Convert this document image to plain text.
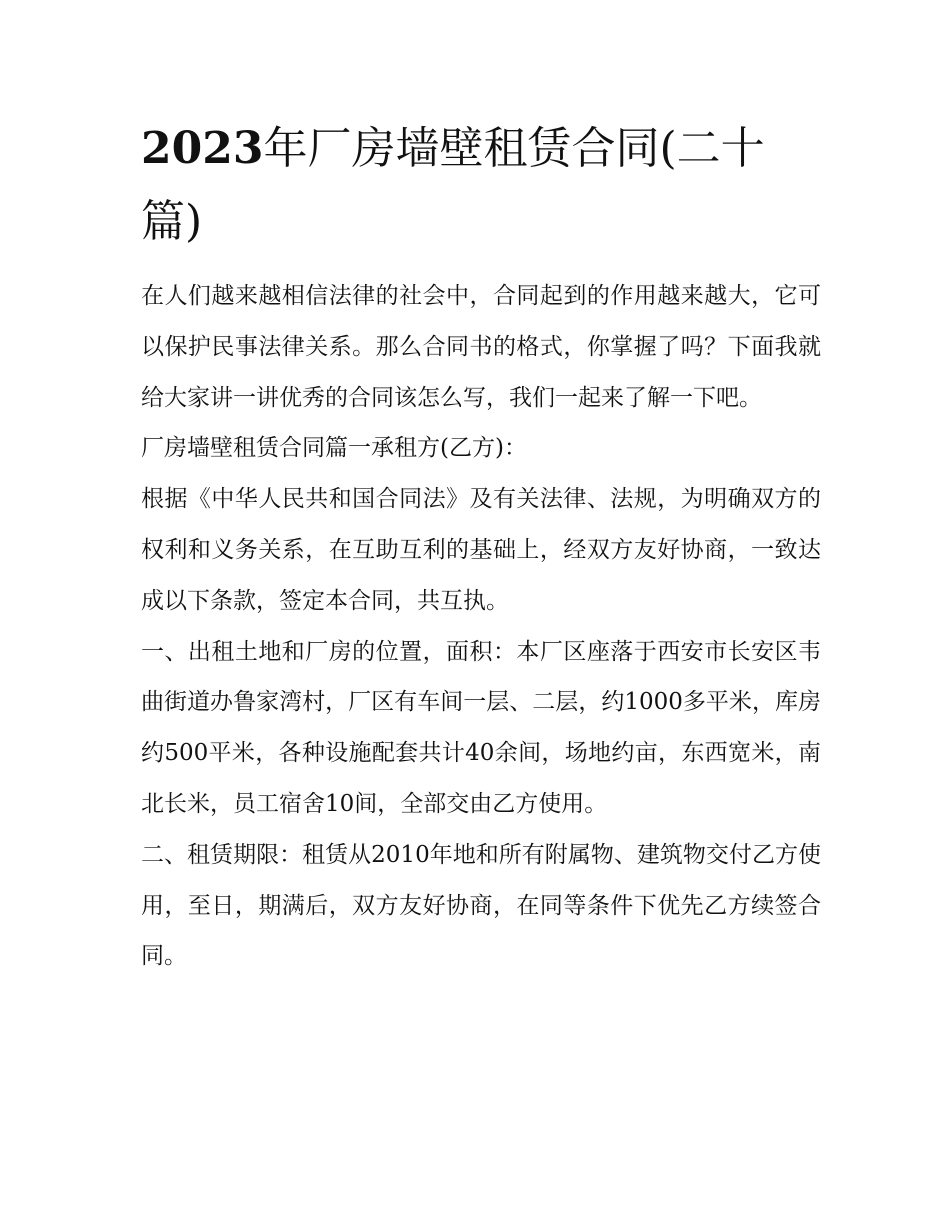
2023年厂房墙壁租赁合同(二十篇)

在人们越来越相信法律的社会中，合同起到的作用越来越大，它可以保护民事法律关系。那么合同书的格式，你掌握了吗？下面我就给大家讲一讲优秀的合同该怎么写，我们一起来了解一下吧。

厂房墙壁租赁合同篇一承租方(乙方)：

根据《中华人民共和国合同法》及有关法律、法规，为明确双方的权利和义务关系，在互助互利的基础上，经双方友好协商，一致达成以下条款，签定本合同，共互执。

一、出租土地和厂房的位置，面积：本厂区座落于西安市长安区韦曲街道办鲁家湾村，厂区有车间一层、二层，约1000多平米，库房约500平米，各种设施配套共计40余间，场地约亩，东西宽米，南北长米，员工宿舍10间，全部交由乙方使用。

二、租赁期限：租赁从2010年地和所有附属物、建筑物交付乙方使用，至日，期满后，双方友好协商，在同等条件下优先乙方续签合同。
